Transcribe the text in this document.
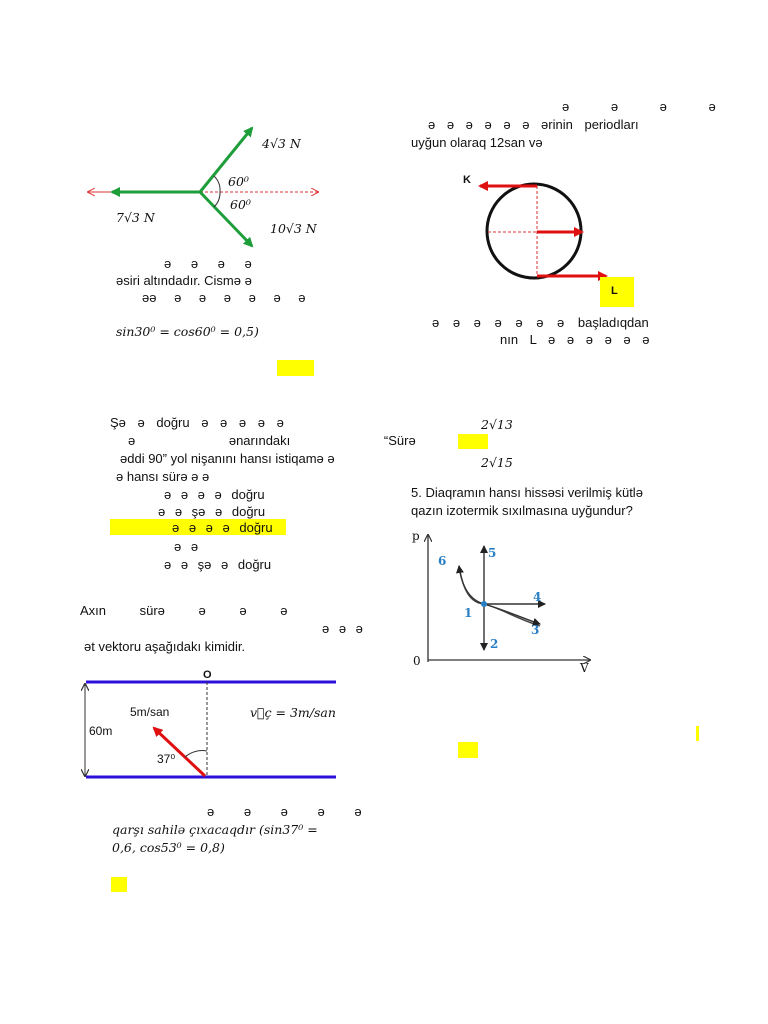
4√3 N
60⁰
60⁰
7√3 N
10√3 N
ə ə ə ə
əsiri altındadır. Cismə ə
əə ə ə ə ə ə ə
sin30⁰ = cos60⁰ = 0,5)
ə ə ə ə
ə ə ə ə ə ə ərinin periodları
uyğun olaraq 12san və
K
L
ə ə ə ə ə ə ə başladıqdan
nın L ə ə ə ə ə ə
Şə ə doğru ə ə ə ə ə
ə ənarındakı “Sürə
əddi 90” yol nişanını hansı istiqamə ə
ə hansı sürə ə ə
ə ə ə ə doğru
ə ə şə ə doğru
ə ə ə ə doğru
ə ə
ə ə şə ə doğru
2√13
2√15
5. Diaqramın hansı hissəsi verilmiş kütlə
qazın izotermik sıxılmasına uyğundur?
p
V
0
1
2
3
4
5
6
Axın sürə ə ə ə
ə ə ə
ət vektoru aşağıdakı kimidir.
O
5m/san	v⃗ç = 3m/san
60m
37⁰
ə ə ə ə ə
qarşı sahilə çıxacaqdır (sin37⁰ =
0,6, cos53⁰ = 0,8)
